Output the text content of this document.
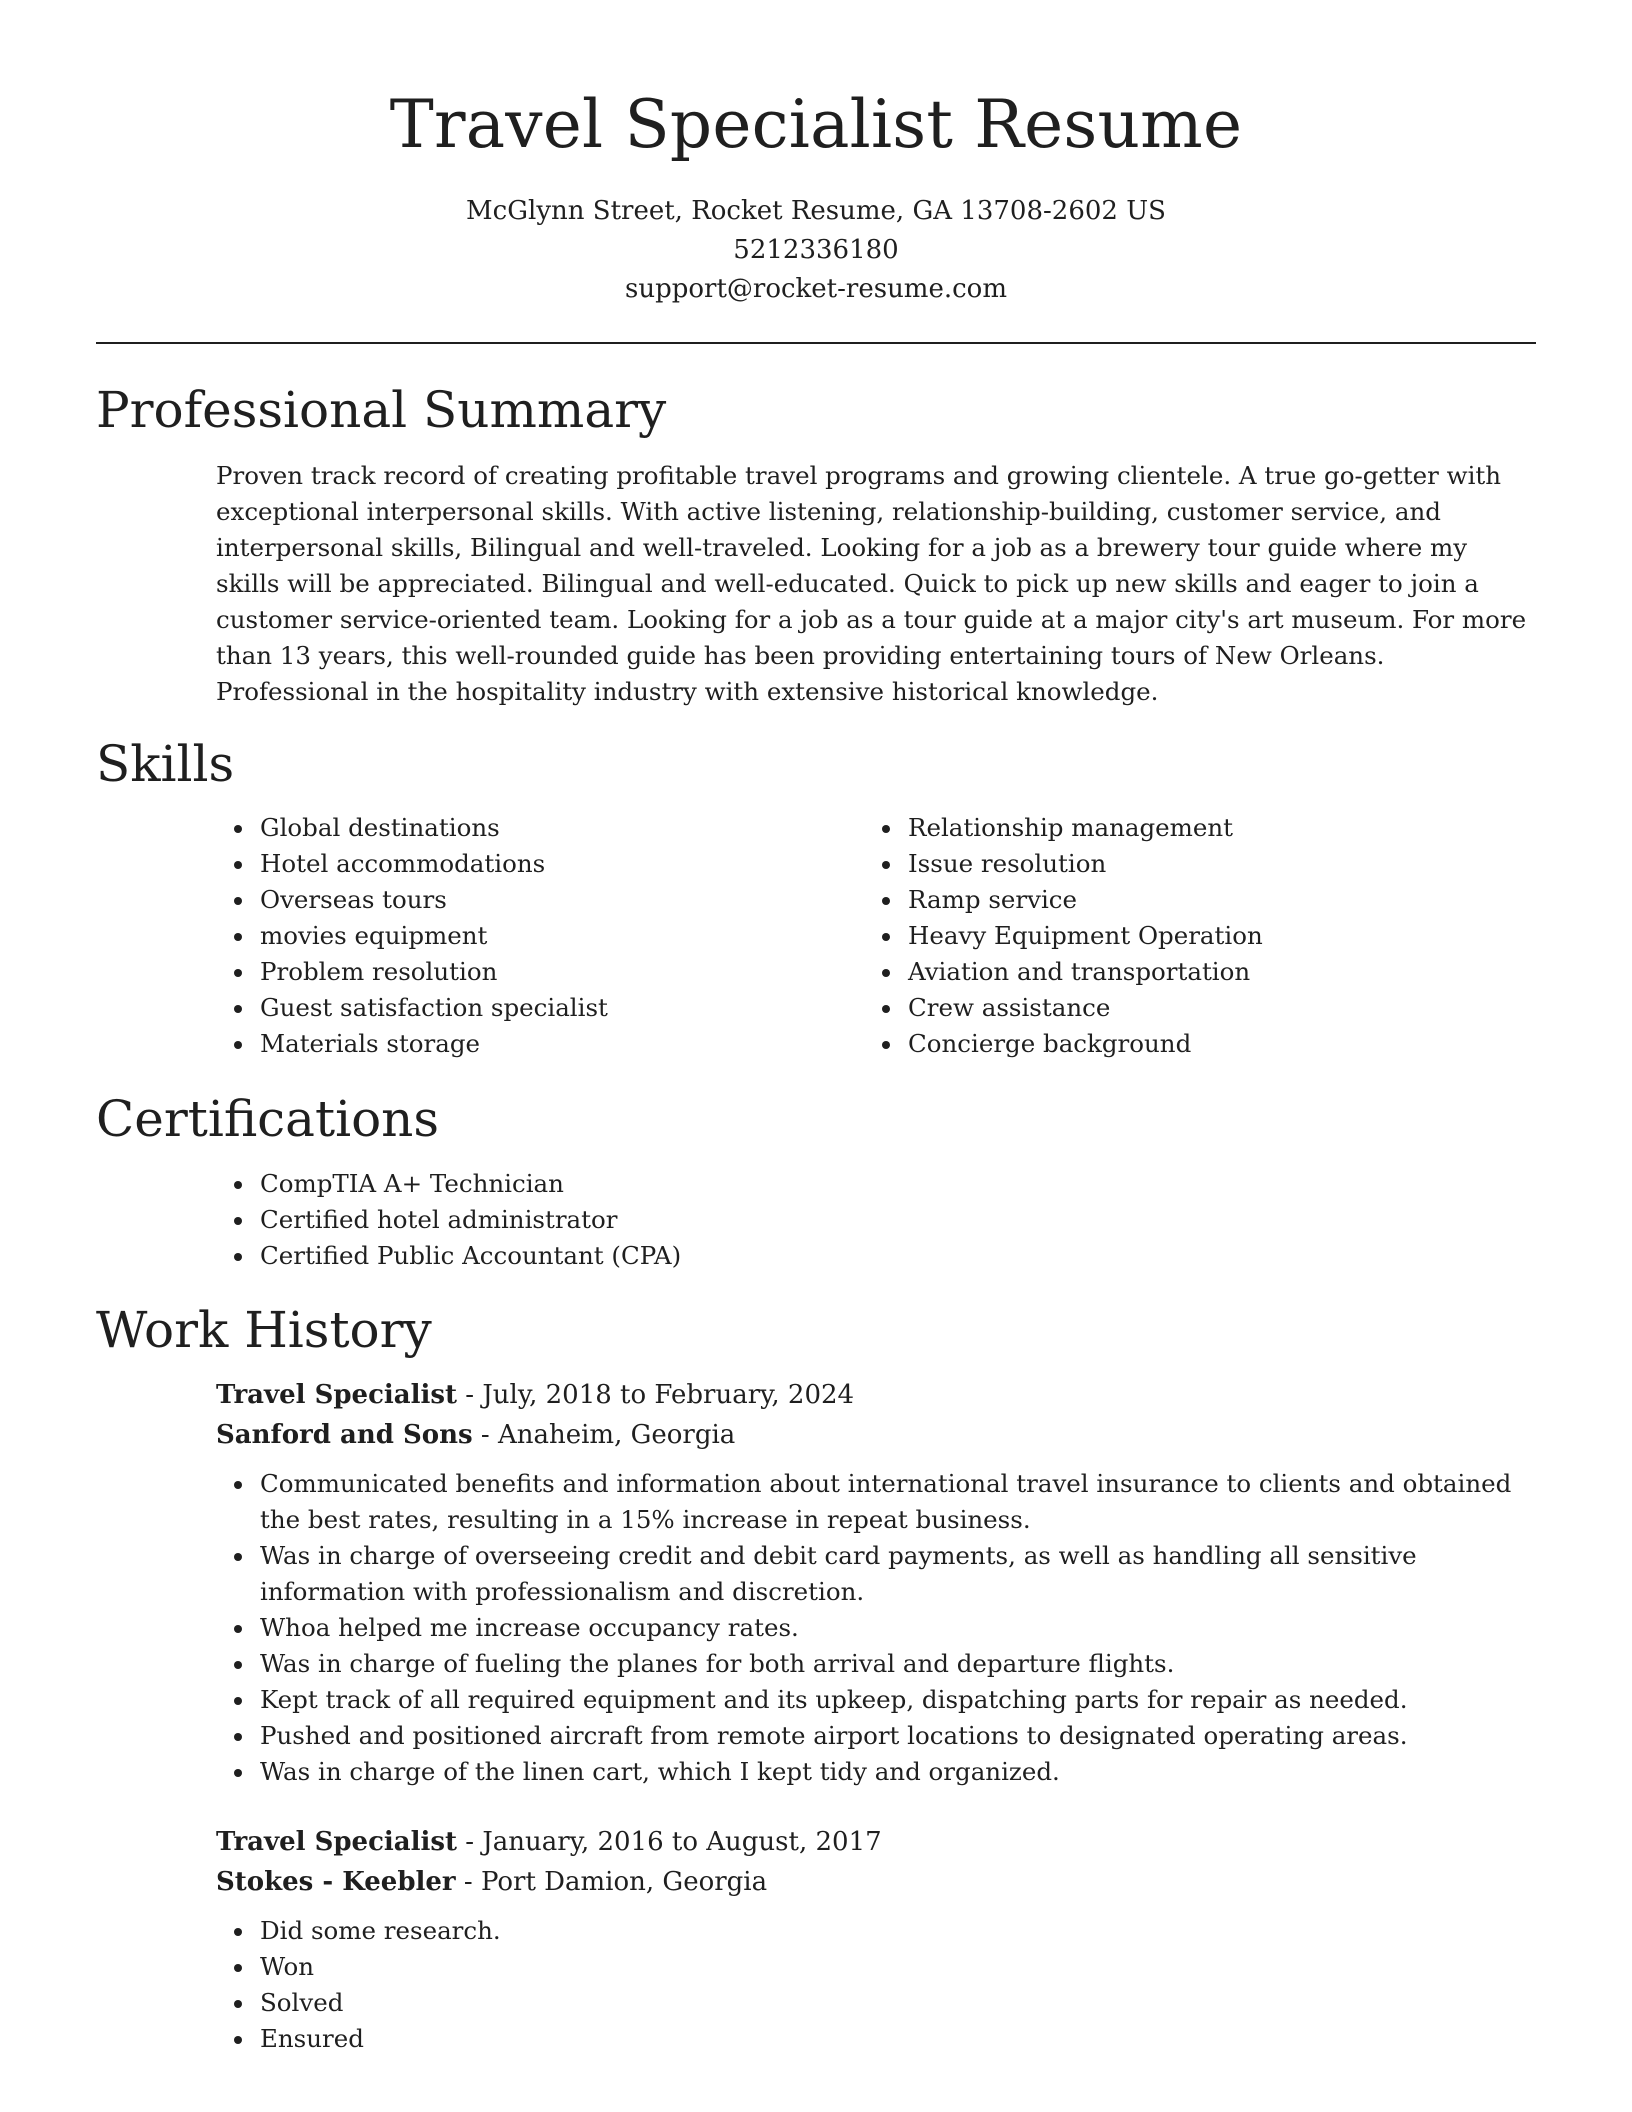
Travel Specialist Resume
McGlynn Street, Rocket Resume, GA 13708-2602 US
5212336180
support@rocket-resume.com
Professional Summary

Proven track record of creating profitable travel programs and growing clientele. A true go-getter with exceptional interpersonal skills. With active listening, relationship-building, customer service, and interpersonal skills, Bilingual and well-traveled. Looking for a job as a brewery tour guide where my skills will be appreciated. Bilingual and well-educated. Quick to pick up new skills and eager to join a customer service-oriented team. Looking for a job as a tour guide at a major city's art museum. For more than 13 years, this well-rounded guide has been providing entertaining tours of New Orleans. Professional in the hospitality industry with extensive historical knowledge.

Skills
Global destinations
Hotel accommodations
Overseas tours
movies equipment
Problem resolution
Guest satisfaction specialist
Materials storage
Relationship management
Issue resolution
Ramp service
Heavy Equipment Operation
Aviation and transportation
Crew assistance
Concierge background
Certifications
CompTIA A+ Technician
Certified hotel administrator
Certified Public Accountant (CPA)
Work History
Travel Specialist - July, 2018 to February, 2024
Sanford and Sons - Anaheim, Georgia
Communicated benefits and information about international travel insurance to clients and obtained the best rates, resulting in a 15% increase in repeat business.
Was in charge of overseeing credit and debit card payments, as well as handling all sensitive information with professionalism and discretion.
Whoa helped me increase occupancy rates.
Was in charge of fueling the planes for both arrival and departure flights.
Kept track of all required equipment and its upkeep, dispatching parts for repair as needed.
Pushed and positioned aircraft from remote airport locations to designated operating areas.
Was in charge of the linen cart, which I kept tidy and organized.
Travel Specialist - January, 2016 to August, 2017
Stokes - Keebler - Port Damion, Georgia
Did some research.
Won
Solved
Ensured
